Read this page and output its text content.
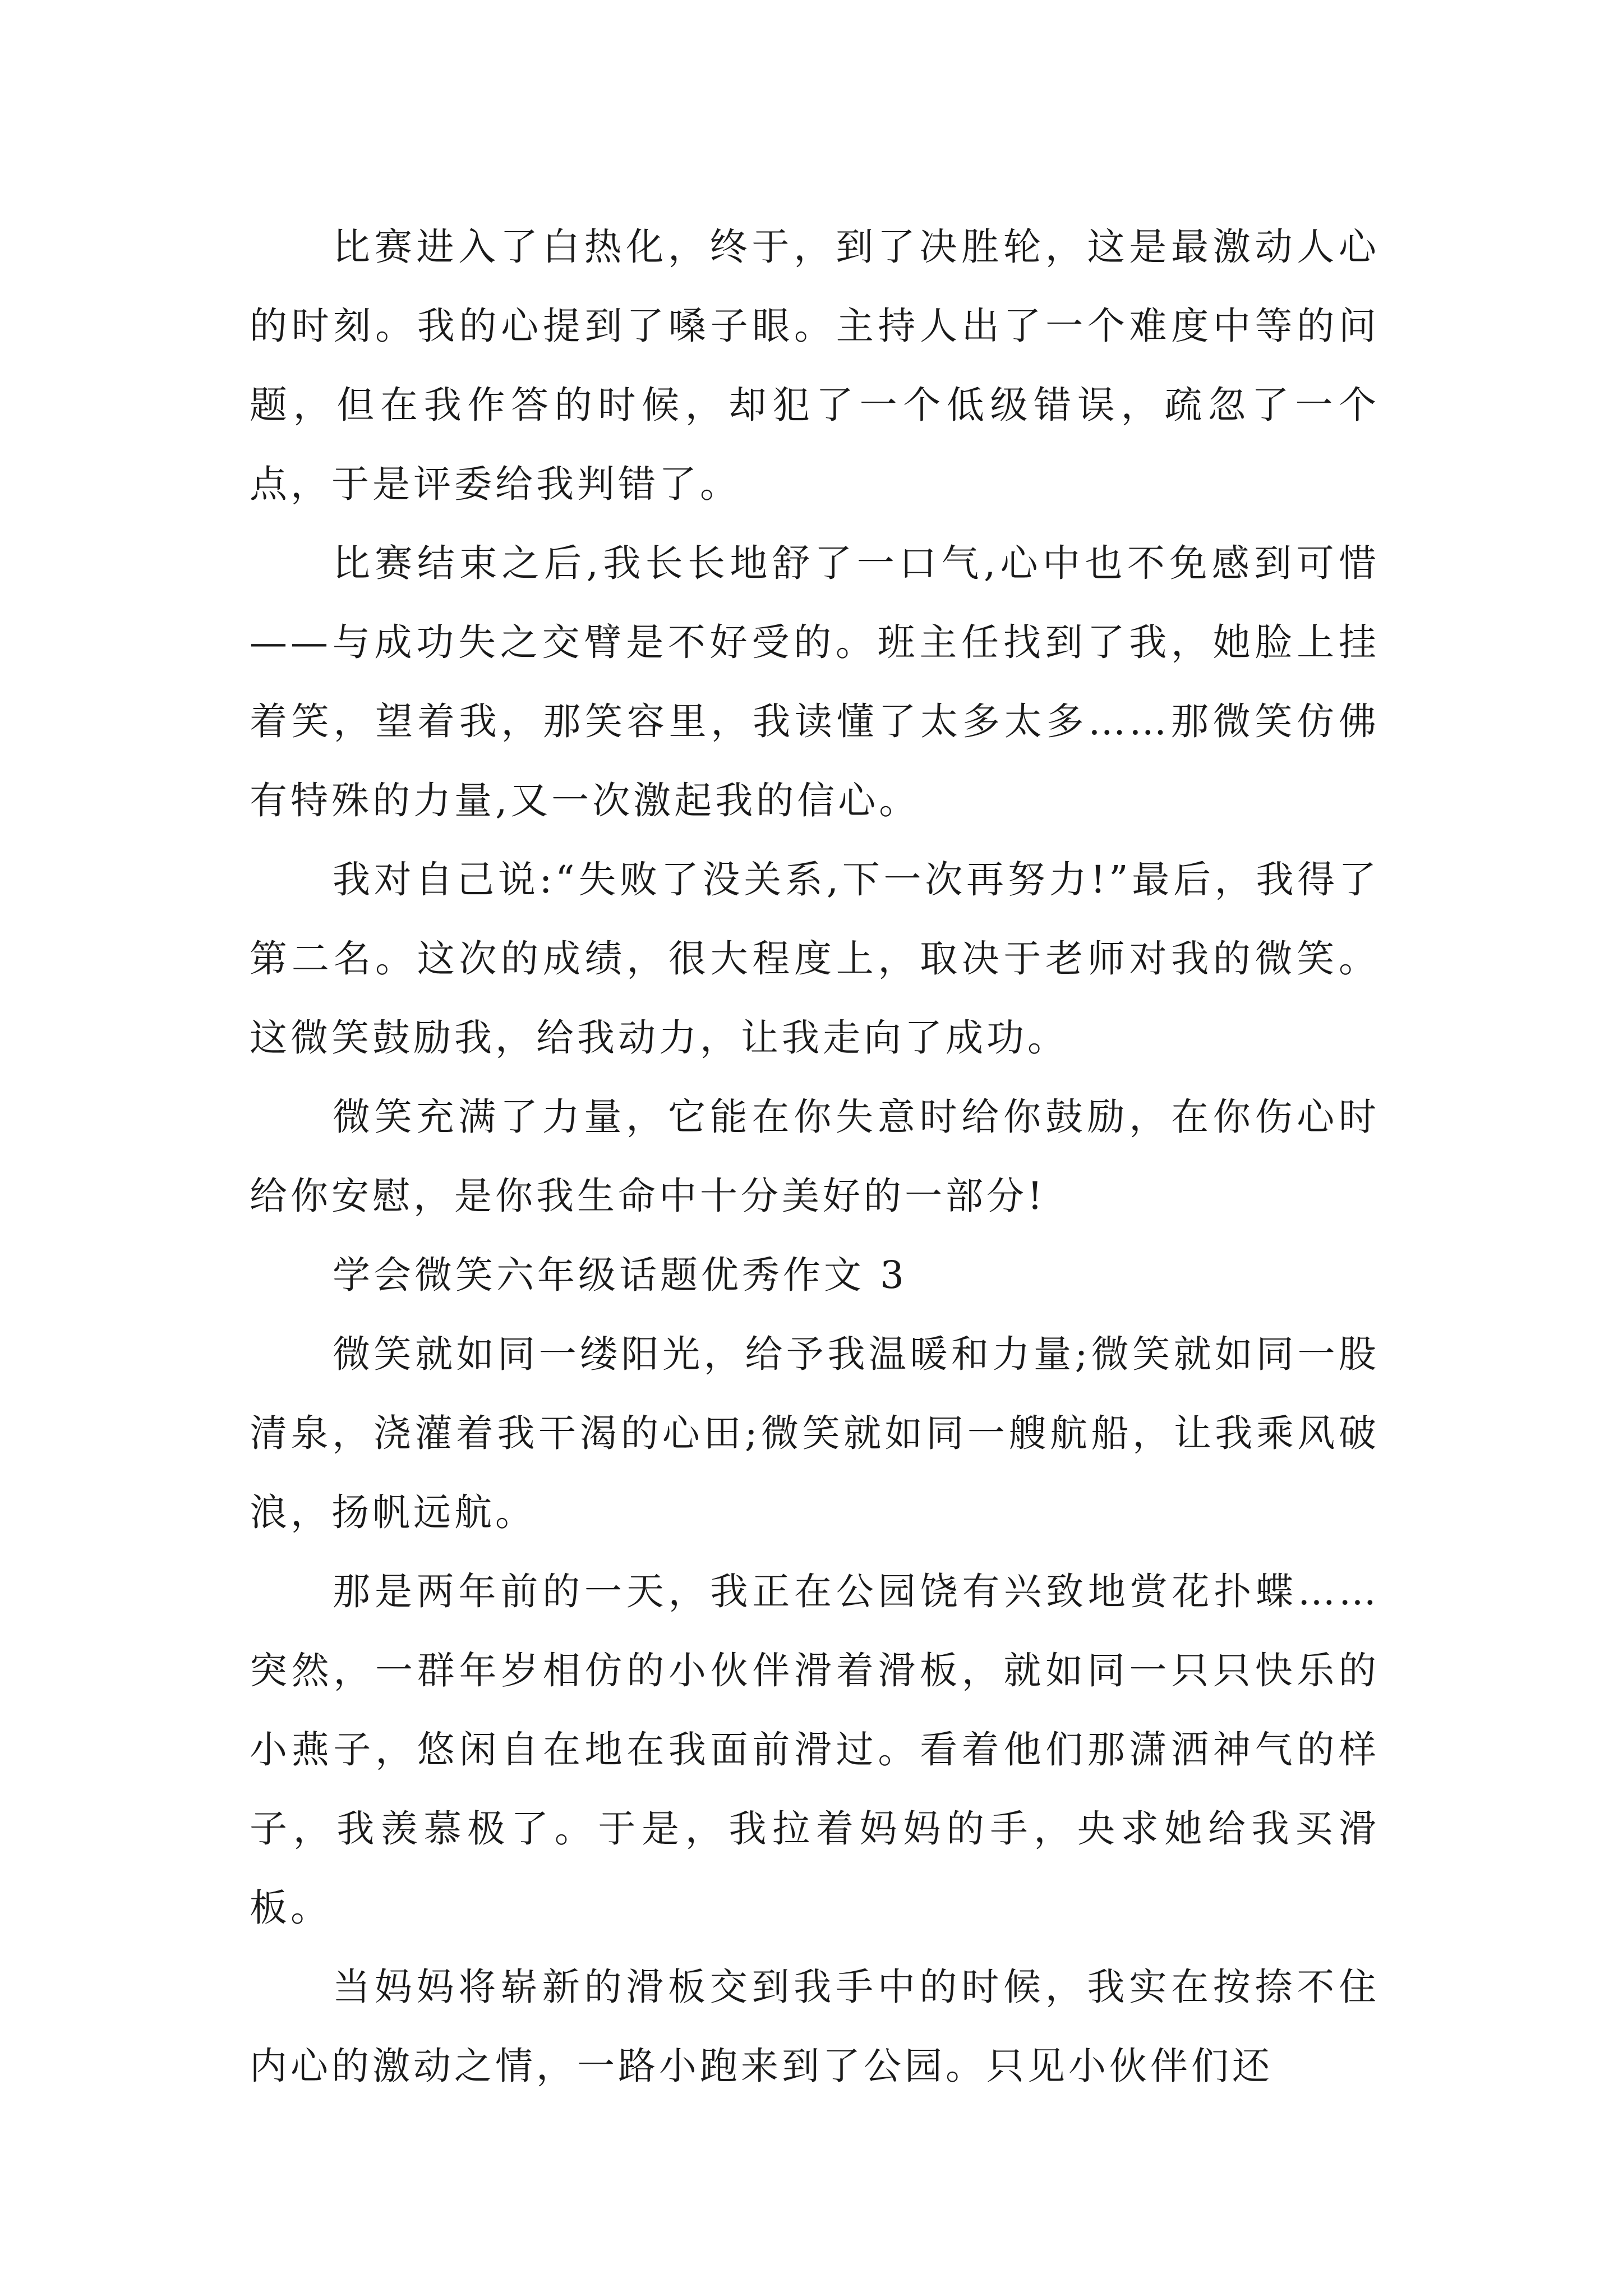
比赛进入了白热化，终于，到了决胜轮，这是最激动人心的时刻。我的心提到了嗓子眼。主持人出了一个难度中等的问题，但在我作答的时候，却犯了一个低级错误，疏忽了一个点，于是评委给我判错了。

比赛结束之后,我长长地舒了一口气,心中也不免感到可惜——与成功失之交臂是不好受的。班主任找到了我，她脸上挂着笑，望着我，那笑容里，我读懂了太多太多……那微笑仿佛有特殊的力量,又一次激起我的信心。

我对自己说:“失败了没关系,下一次再努力!”最后，我得了第二名。这次的成绩，很大程度上，取决于老师对我的微笑。这微笑鼓励我，给我动力，让我走向了成功。

微笑充满了力量，它能在你失意时给你鼓励，在你伤心时给你安慰，是你我生命中十分美好的一部分!

学会微笑六年级话题优秀作文 3

微笑就如同一缕阳光，给予我温暖和力量;微笑就如同一股清泉，浇灌着我干渴的心田;微笑就如同一艘航船，让我乘风破浪，扬帆远航。

那是两年前的一天，我正在公园饶有兴致地赏花扑蝶……突然，一群年岁相仿的小伙伴滑着滑板，就如同一只只快乐的小燕子，悠闲自在地在我面前滑过。看着他们那潇洒神气的样子，我羡慕极了。于是，我拉着妈妈的手，央求她给我买滑板。

当妈妈将崭新的滑板交到我手中的时候，我实在按捺不住内心的激动之情，一路小跑来到了公园。只见小伙伴们还
